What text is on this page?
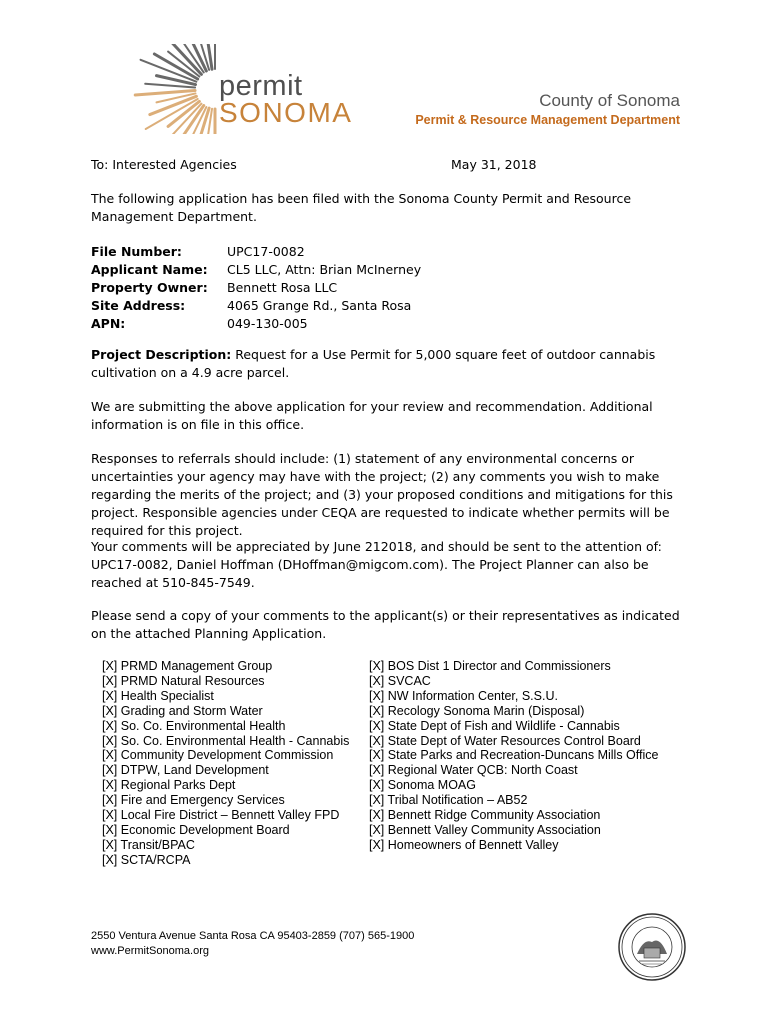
permit
SONOMA	County of Sonoma
Permit & Resource Management Department
To: Interested Agencies	May 31, 2018
The following application has been filed with the Sonoma County Permit and Resource Management Department.
File Number:	UPC17-0082
Applicant Name:	CL5 LLC, Attn: Brian McInerney
Property Owner:	Bennett Rosa LLC
Site Address:	4065 Grange Rd., Santa Rosa
APN:	049-130-005
Project Description: Request for a Use Permit for 5,000 square feet of outdoor cannabis cultivation on a 4.9 acre parcel.
We are submitting the above application for your review and recommendation. Additional information is on file in this office.
Responses to referrals should include: (1) statement of any environmental concerns or uncertainties your agency may have with the project; (2) any comments you wish to make regarding the merits of the project; and (3) your proposed conditions and mitigations for this project. Responsible agencies under CEQA are requested to indicate whether permits will be required for this project.
Your comments will be appreciated by June 212018, and should be sent to the attention of: UPC17-0082, Daniel Hoffman (DHoffman@migcom.com). The Project Planner can also be reached at 510-845-7549.
Please send a copy of your comments to the applicant(s) or their representatives as indicated on the attached Planning Application.
[X] PRMD Management Group
[X] PRMD Natural Resources
[X] Health Specialist
[X] Grading and Storm Water
[X] So. Co. Environmental Health
[X] So. Co. Environmental Health - Cannabis
[X] Community Development Commission
[X] DTPW, Land Development
[X] Regional Parks Dept
[X] Fire and Emergency Services
[X] Local Fire District – Bennett Valley FPD
[X] Economic Development Board
[X] Transit/BPAC
[X] SCTA/RCPA
[X] BOS Dist 1 Director and Commissioners
[X] SVCAC
[X] NW Information Center, S.S.U.
[X] Recology Sonoma Marin (Disposal)
[X] State Dept of Fish and Wildlife - Cannabis
[X] State Dept of Water Resources Control Board
[X] State Parks and Recreation-Duncans Mills Office
[X] Regional Water QCB: North Coast
[X] Sonoma MOAG
[X] Tribal Notification – AB52
[X] Bennett Ridge Community Association
[X] Bennett Valley Community Association
[X] Homeowners of Bennett Valley
2550 Ventura Avenue Santa Rosa CA 95403-2859 (707) 565-1900
www.PermitSonoma.org
